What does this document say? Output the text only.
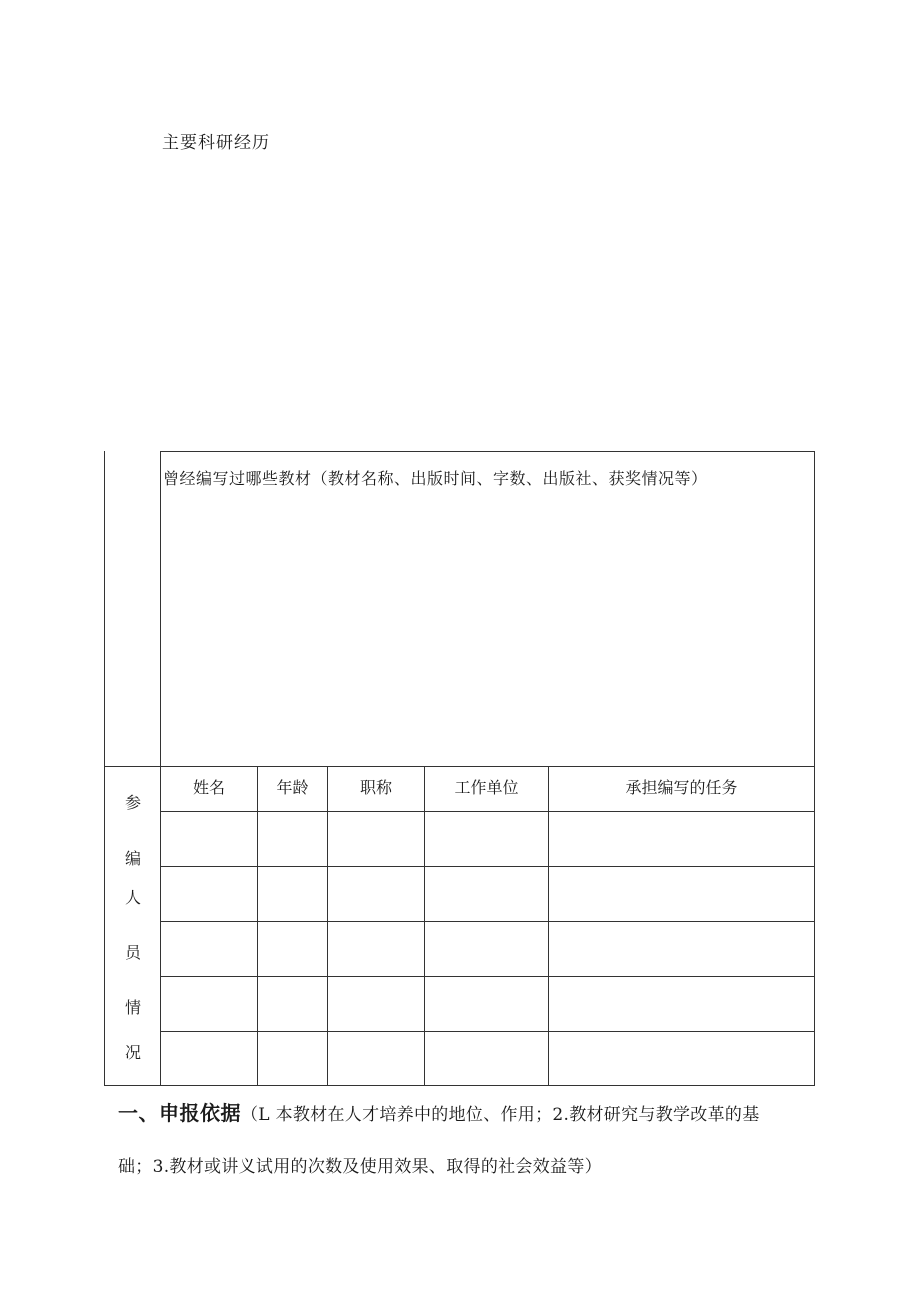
主要科研经历
曾经编写过哪些教材（教材名称、出版时间、字数、出版社、获奖情况等）
参
编
人
员
情
况
姓名	年龄	职称	工作单位	承担编写的任务
一、申报依据（L 本教材在人才培养中的地位、作用；2.教材研究与教学改革的基
础；3.教材或讲义试用的次数及使用效果、取得的社会效益等）
